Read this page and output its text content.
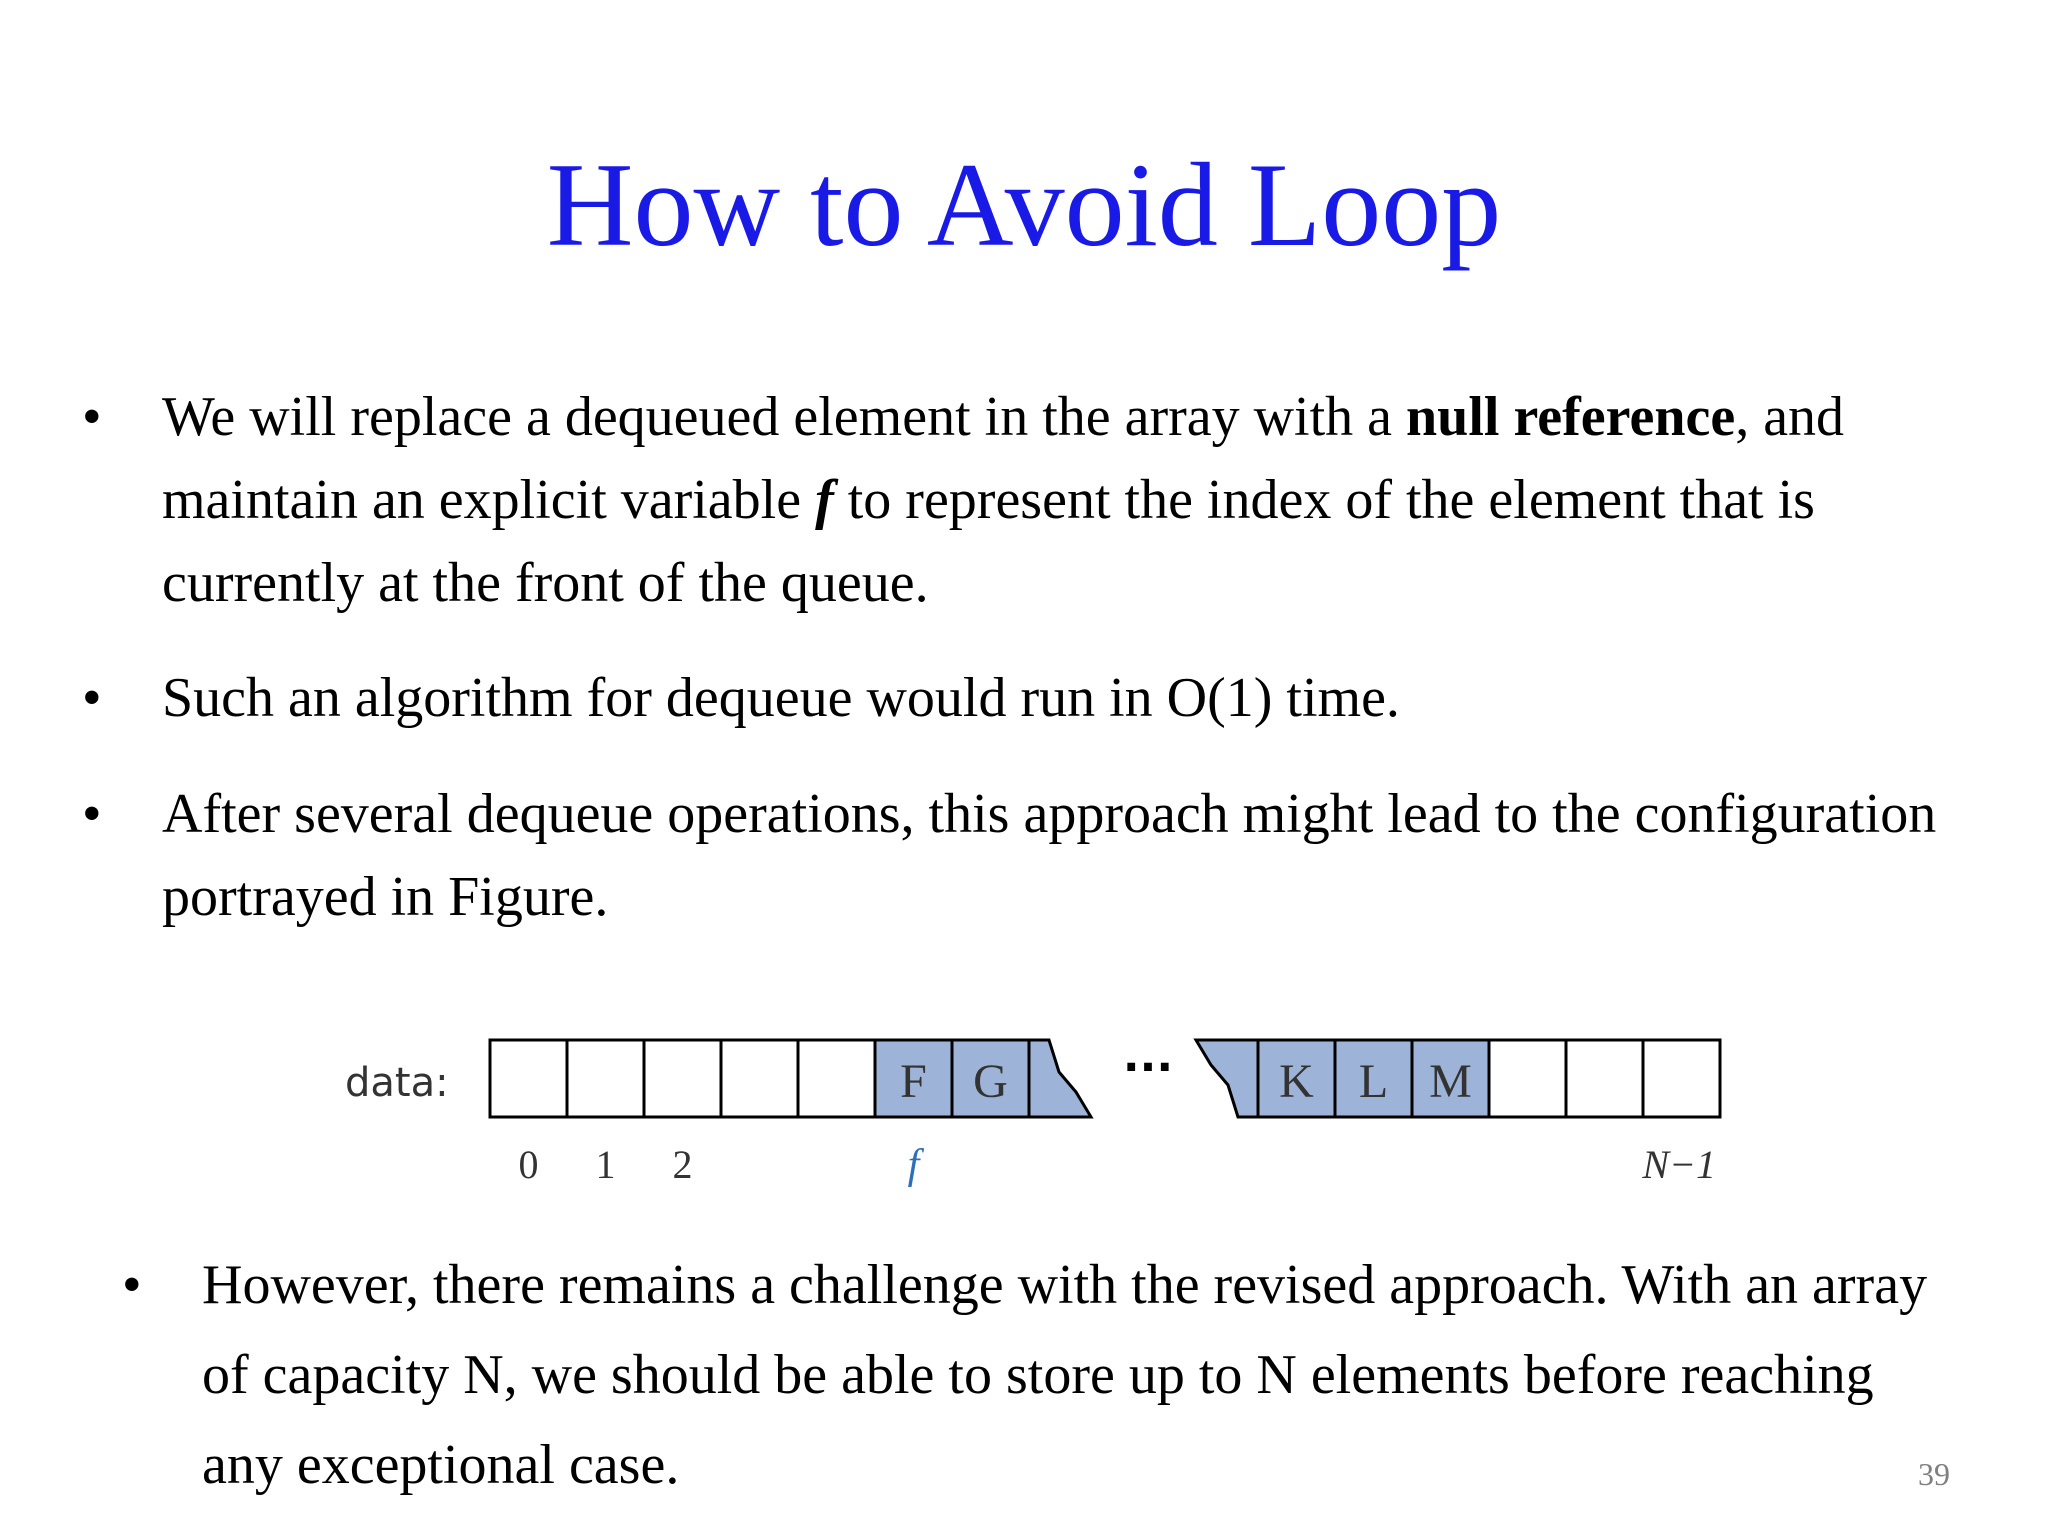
How to Avoid Loop
• We will replace a dequeued element in the array with a null reference, and maintain an explicit variable f to represent the index of the element that is currently at the front of the queue.
• Such an algorithm for dequeue would run in O(1) time.
• After several dequeue operations, this approach might lead to the configuration portrayed in Figure.
• However, there remains a challenge with the revised approach. With an array of capacity N, we should be able to store up to N elements before reaching any exceptional case.
data:	F G	··· K L M
0 1 2	f	N−1
39
